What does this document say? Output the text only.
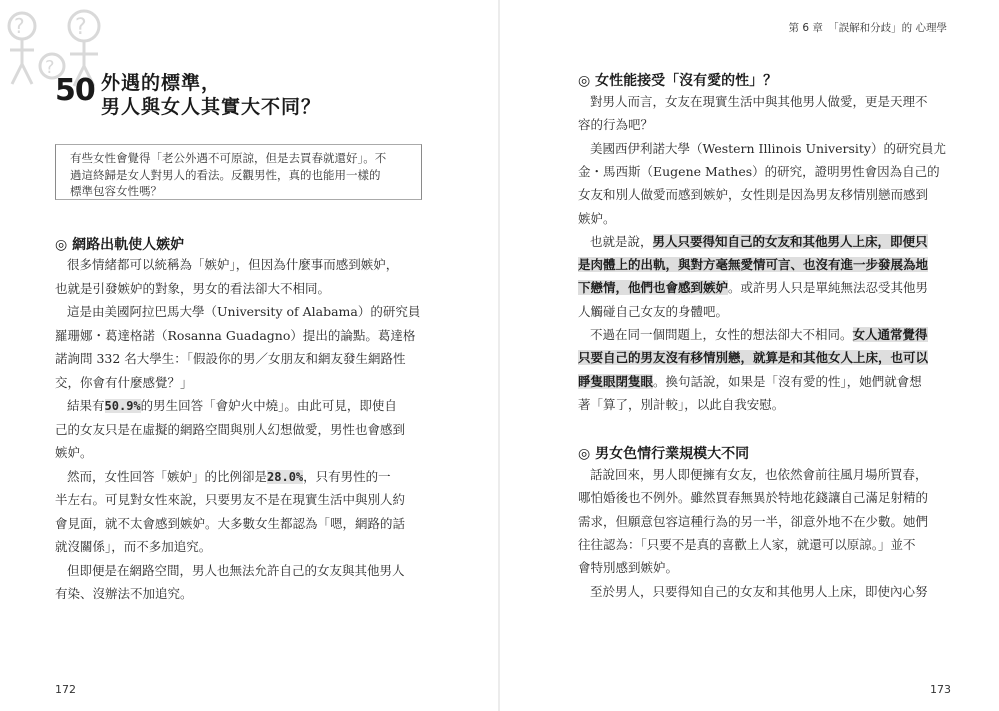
? ?
?
50 外遇的標準，
男人與女人其實大不同？
有些女性會覺得「老公外遇不可原諒，但是去買春就還好」。不
過這終歸是女人對男人的看法。反觀男性，真的也能用一樣的
標準包容女性嗎？
◎ 網路出軌使人嫉妒
很多情緒都可以統稱為「嫉妒」，但因為什麼事而感到嫉妒，
也就是引發嫉妒的對象，男女的看法卻大不相同。
這是由美國阿拉巴馬大學（University of Alabama）的研究員
羅珊娜・葛達格諾（Rosanna Guadagno）提出的論點。葛達格
諾詢問 332 名大學生：「假設你的男／女朋友和網友發生網路性
交，你會有什麼感覺？」
結果有50.9%的男生回答「會妒火中燒」。由此可見，即使自
己的女友只是在虛擬的網路空間與別人幻想做愛，男性也會感到
嫉妒。
然而，女性回答「嫉妒」的比例卻是28.0%，只有男性的一
半左右。可見對女性來說，只要男友不是在現實生活中與別人約
會見面，就不太會感到嫉妒。大多數女生都認為「嗯，網路的話
就沒關係」，而不多加追究。
但即便是在網路空間，男人也無法允許自己的女友與其他男人
有染、沒辦法不加追究。
172
第 6 章　「誤解和分歧」的 心理學
◎ 女性能接受「沒有愛的性」？
對男人而言，女友在現實生活中與其他男人做愛，更是天理不
容的行為吧？
美國西伊利諾大學（Western Illinois University）的研究員尤
金・馬西斯（Eugene Mathes）的研究，證明男性會因為自己的
女友和別人做愛而感到嫉妒，女性則是因為男友移情別戀而感到
嫉妒。
也就是說，男人只要得知自己的女友和其他男人上床，即便只
是肉體上的出軌，與對方毫無愛情可言、也沒有進一步發展為地
下戀情，他們也會感到嫉妒。或許男人只是單純無法忍受其他男
人觸碰自己女友的身體吧。
不過在同一個問題上，女性的想法卻大不相同。女人通常覺得
只要自己的男友沒有移情別戀，就算是和其他女人上床，也可以
睜隻眼閉隻眼。換句話說，如果是「沒有愛的性」，她們就會想
著「算了，別計較」，以此自我安慰。
◎ 男女色情行業規模大不同
話說回來，男人即便擁有女友，也依然會前往風月場所買春，
哪怕婚後也不例外。雖然買春無異於特地花錢讓自己滿足射精的
需求，但願意包容這種行為的另一半，卻意外地不在少數。她們
往往認為：「只要不是真的喜歡上人家，就還可以原諒。」並不
會特別感到嫉妒。
至於男人，只要得知自己的女友和其他男人上床，即使內心努
173
